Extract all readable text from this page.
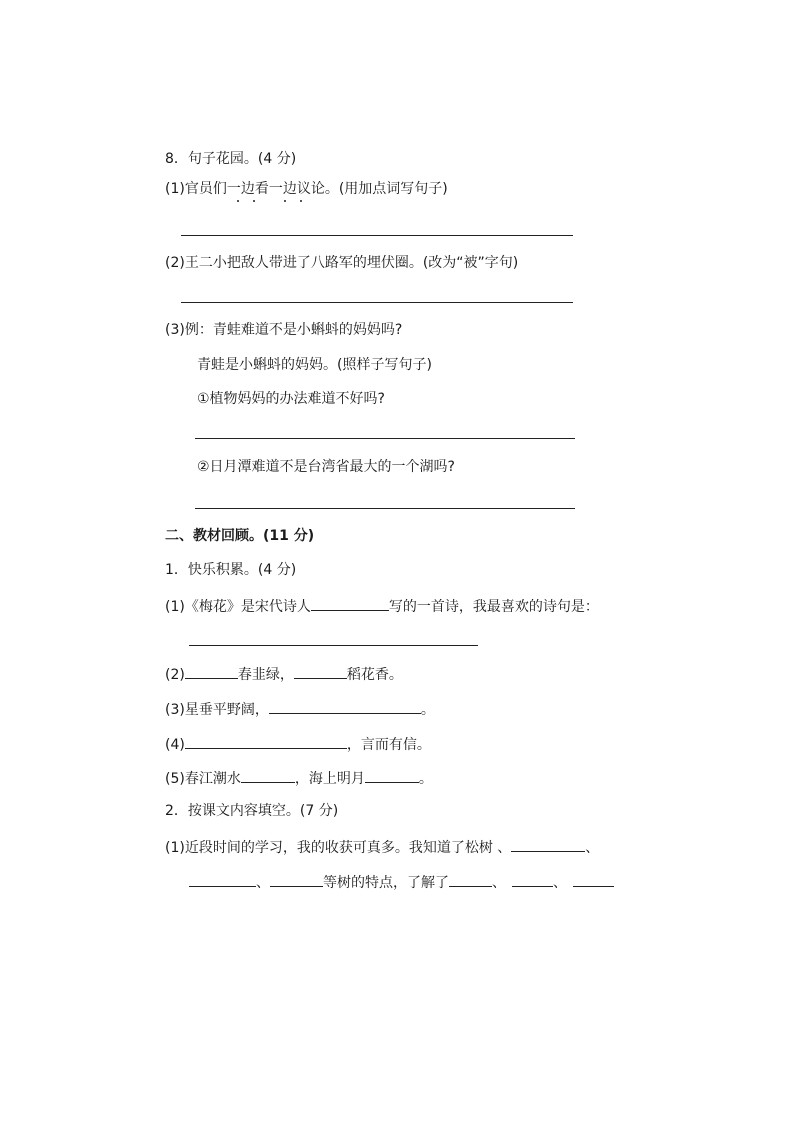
8．句子花园。(4 分)
(1)官员们一边看一边议论。(用加点词写句子)
(2)王二小把敌人带进了八路军的埋伏圈。(改为“被”字句)
(3)例：青蛙难道不是小蝌蚪的妈妈吗?
青蛙是小蝌蚪的妈妈。(照样子写句子)
①植物妈妈的办法难道不好吗?
②日月潭难道不是台湾省最大的一个湖吗?
二、教材回顾。(11 分)
1．快乐积累。(4 分)
(1)《梅花》是宋代诗人	写的一首诗，我最喜欢的诗句是：
(2)	春韭绿，	稻花香。
(3)星垂平野阔，	。
(4)	，言而有信。
(5)春江潮水	，海上明月	。
2．按课文内容填空。(7 分)
(1)近段时间的学习，我的收获可真多。我知道了松树 、	、
、	等树的特点，了解了	、	、
